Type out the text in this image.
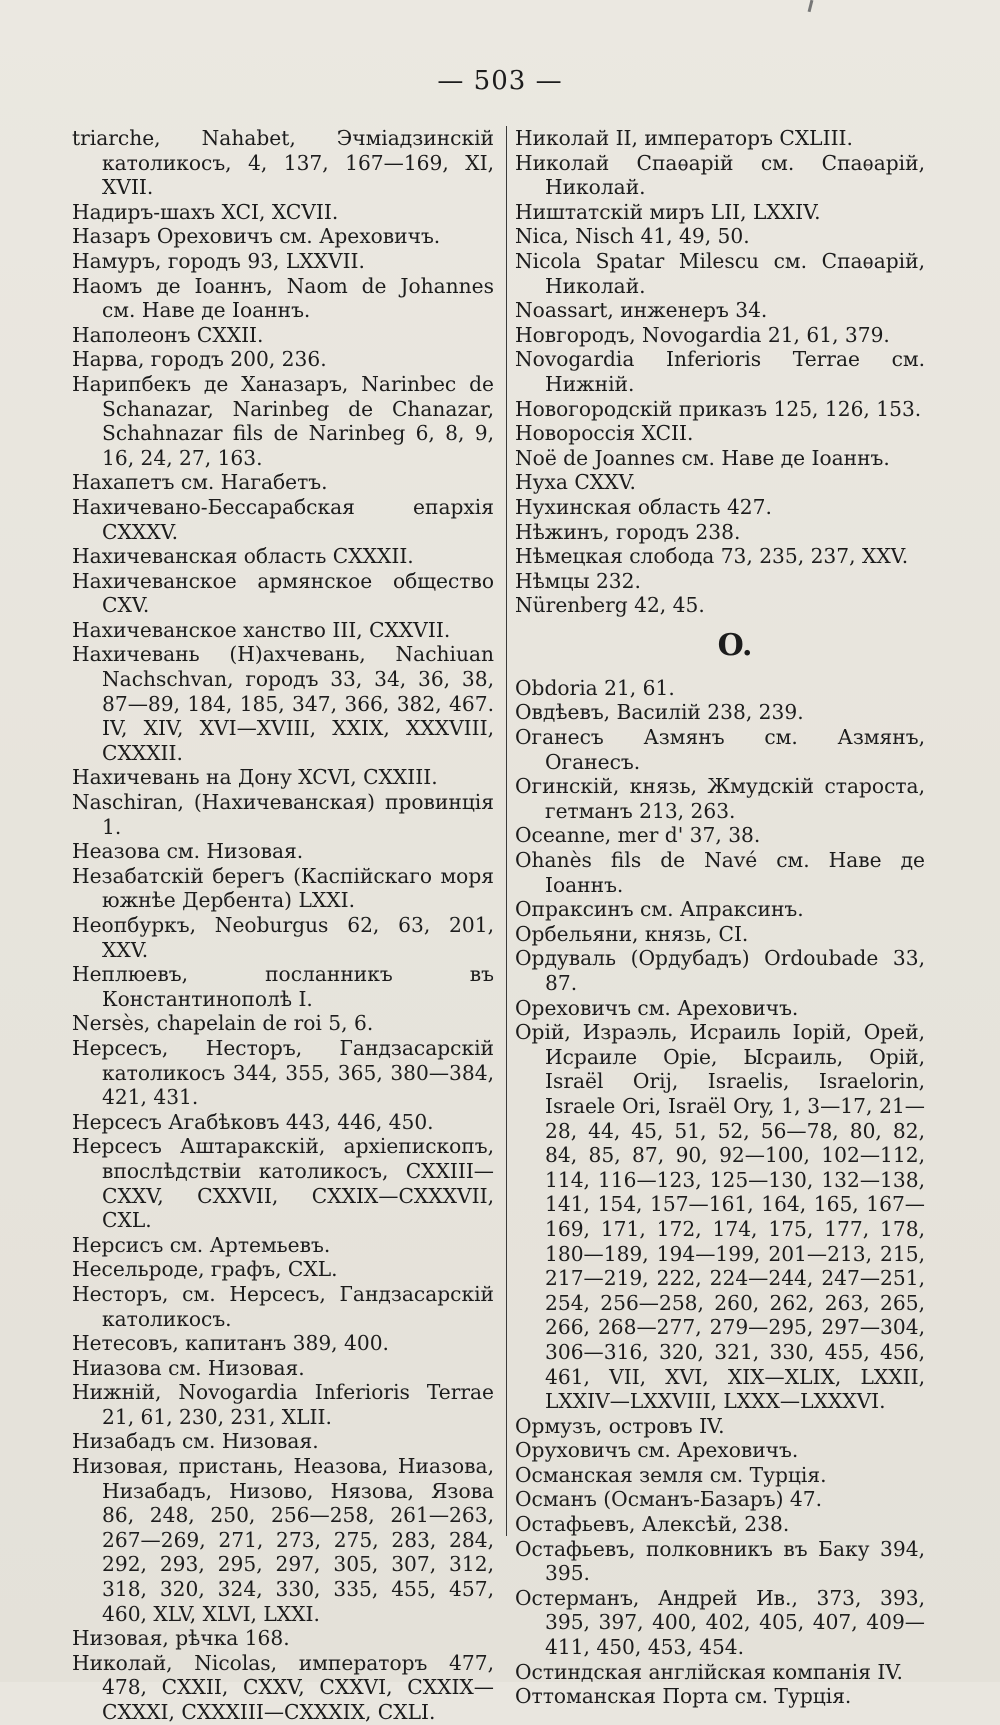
— 503 —

triarche, Nahabet, Эчміадзинскій католикосъ, 4, 137, 167—169, XI, XVII.

Надиръ-шахъ XCI, XCVII.

Назаръ Ореховичъ см. Ареховичъ.

Намуръ, городъ 93, LXXVII.

Наомъ де Іоаннъ, Naom de Johannes см. Наве де Іоаннъ.

Наполеонъ CXXII.

Нарва, городъ 200, 236.

Нарипбекъ де Ханазаръ, Narinbec de Schanazar, Narinbeg de Chanazar, Schahnazar fils de Narinbeg 6, 8, 9, 16, 24, 27, 163.

Нахапетъ см. Нагабетъ.

Нахичевано-Бессарабская епархія CXXXV.

Нахичеванская область CXXXII.

Нахичеванское армянское общество CXV.

Нахичеванское ханство III, CXXVII.

Нахичевань (Н)ахчевань, Nachiuan Nachschvan, городъ 33, 34, 36, 38, 87—89, 184, 185, 347, 366, 382, 467. IV, XIV, XVI—XVIII, XXIX, XXXVIII, CXXXII.

Нахичевань на Дону XCVI, CXXIII.

Naschiran, (Нахичеванская) провинція 1.

Неазова см. Низовая.

Незабатскій берегъ (Каспійскаго моря южнѣе Дербента) LXXI.

Неопбуркъ, Neoburgus 62, 63, 201, XXV.

Неплюевъ, посланникъ въ Константинополѣ I.

Nersès, chapelain de roi 5, 6.

Нерсесъ, Несторъ, Гандзасарскій католикосъ 344, 355, 365, 380—384, 421, 431.

Нерсесъ Агабѣковъ 443, 446, 450.

Нерсесъ Аштаракскій, архіепископъ, впослѣдствіи католикосъ, CXXIII—CXXV, CXXVII, CXXIX—CXXXVII, CXL.

Нерсисъ см. Артемьевъ.

Несельроде, графъ, CXL.

Несторъ, см. Нерсесъ, Гандзасарскій католикосъ.

Нетесовъ, капитанъ 389, 400.

Ниазова см. Низовая.

Нижній, Novogardia Inferioris Terrae 21, 61, 230, 231, XLII.

Низабадъ см. Низовая.

Низовая, пристань, Неазова, Ниазова, Низабадъ, Низово, Нязова, Язова 86, 248, 250, 256—258, 261—263, 267—269, 271, 273, 275, 283, 284, 292, 293, 295, 297, 305, 307, 312, 318, 320, 324, 330, 335, 455, 457, 460, XLV, XLVI, LXXI.

Низовая, рѣчка 168.

Николай, Nicolas, императоръ 477, 478, CXXII, CXXV, CXXVI, CXXIX—CXXXI, CXXXIII—CXXXIX, CXLI.

Николай II, императоръ CXLIII.

Николай Спаѳарій см. Спаѳарій, Николай.

Ништатскій миръ LII, LXXIV.

Nica, Nisch 41, 49, 50.

Nicola Spatar Milescu см. Спаѳарій, Николай.

Noassart, инженеръ 34.

Новгородъ, Novogardia 21, 61, 379.

Novogardia Inferioris Terrae см. Нижній.

Новогородскій приказъ 125, 126, 153.

Новороссія XCII.

Noë de Joannes см. Наве де Іоаннъ.

Нуха CXXV.

Нухинская область 427.

Нѣжинъ, городъ 238.

Нѣмецкая слобода 73, 235, 237, XXV.

Нѣмцы 232.

Nürenberg 42, 45.

O.

Obdoria 21, 61.

Овдѣевъ, Василій 238, 239.

Оганесъ Азмянъ см. Азмянъ, Оганесъ.

Огинскій, князь, Жмудскій староста, гетманъ 213, 263.

Oceanne, mer d' 37, 38.

Ohanès fils de Navé см. Наве де Іоаннъ.

Опраксинъ см. Апраксинъ.

Орбельяни, князь, CI.

Ордуваль (Ордубадъ) Ordoubade 33, 87.

Ореховичъ см. Ареховичъ.

Орій, Израэль, Исраиль Іорій, Орей, Исраиле Оріе, Ысраиль, Орій, Israël Orij, Israelis, Israelorin, Israele Ori, Israël Ory, 1, 3—17, 21—28, 44, 45, 51, 52, 56—78, 80, 82, 84, 85, 87, 90, 92—100, 102—112, 114, 116—123, 125—130, 132—138, 141, 154, 157—161, 164, 165, 167—169, 171, 172, 174, 175, 177, 178, 180—189, 194—199, 201—213, 215, 217—219, 222, 224—244, 247—251, 254, 256—258, 260, 262, 263, 265, 266, 268—277, 279—295, 297—304, 306—316, 320, 321, 330, 455, 456, 461, VII, XVI, XIX—XLIX, LXXII, LXXIV—LXXVIII, LXXX—LXXXVI.

Ормузъ, островъ IV.

Оруховичъ см. Ареховичъ.

Османская земля см. Турція.

Османъ (Османъ-Базаръ) 47.

Остафьевъ, Алексѣй, 238.

Остафьевъ, полковникъ въ Баку 394, 395.

Остерманъ, Андрей Ив., 373, 393, 395, 397, 400, 402, 405, 407, 409—411, 450, 453, 454.

Остиндская англійская компанія IV.

Оттоманская Порта см. Турція.
